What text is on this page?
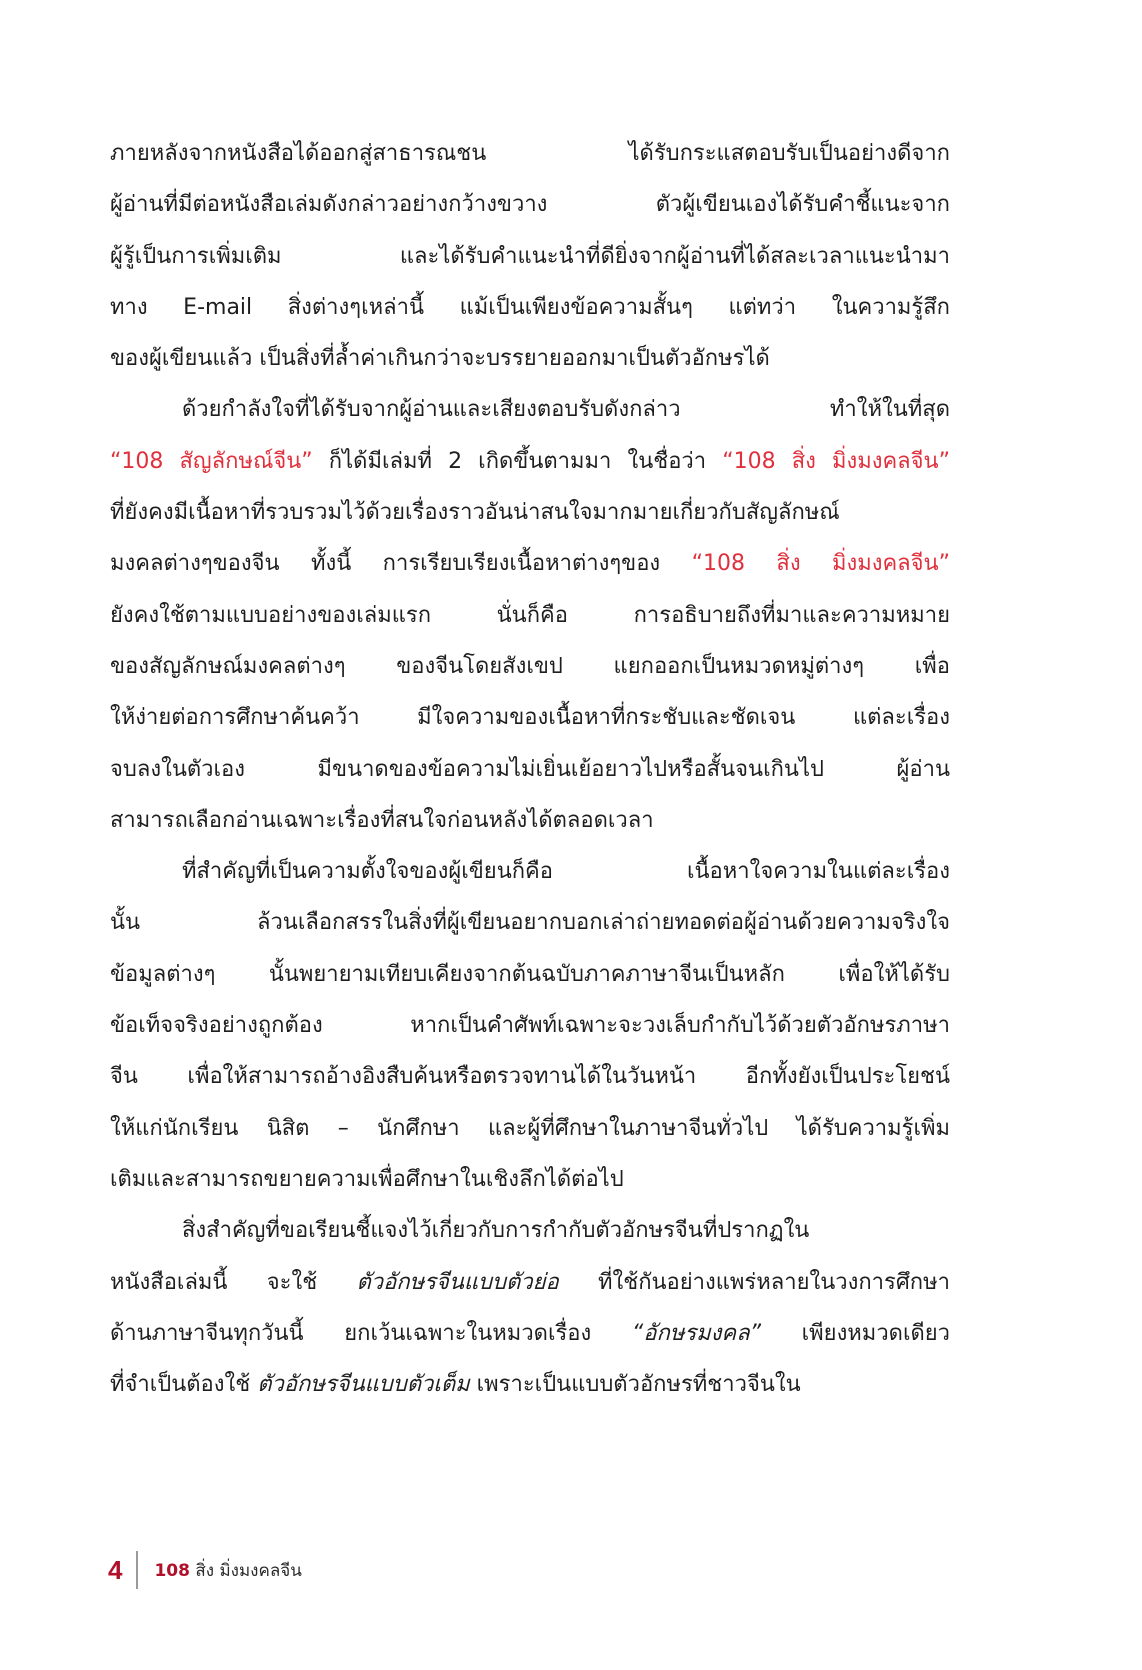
ภายหลังจากหนังสือได้ออกสู่สาธารณชน ได้รับกระแสตอบรับเป็นอย่างดีจาก
ผู้อ่านที่มีต่อหนังสือเล่มดังกล่าวอย่างกว้างขวาง ตัวผู้เขียนเองได้รับคำชี้แนะจาก
ผู้รู้เป็นการเพิ่มเติม และได้รับคำแนะนำที่ดียิ่งจากผู้อ่านที่ได้สละเวลาแนะนำมา
ทาง E-mail สิ่งต่างๆเหล่านี้ แม้เป็นเพียงข้อความสั้นๆ แต่ทว่า ในความรู้สึก
ของผู้เขียนแล้ว เป็นสิ่งที่ล้ำค่าเกินกว่าจะบรรยายออกมาเป็นตัวอักษรได้

ด้วยกำลังใจที่ได้รับจากผู้อ่านและเสียงตอบรับดังกล่าว ทำให้ในที่สุด
“108 สัญลักษณ์จีน” ก็ได้มีเล่มที่ 2 เกิดขึ้นตามมา ในชื่อว่า “108 สิ่ง มิ่งมงคลจีน”
ที่ยังคงมีเนื้อหาที่รวบรวมไว้ด้วยเรื่องราวอันน่าสนใจมากมายเกี่ยวกับสัญลักษณ์
มงคลต่างๆของจีน ทั้งนี้ การเรียบเรียงเนื้อหาต่างๆของ “108 สิ่ง มิ่งมงคลจีน”
ยังคงใช้ตามแบบอย่างของเล่มแรก นั่นก็คือ การอธิบายถึงที่มาและความหมาย
ของสัญลักษณ์มงคลต่างๆ ของจีนโดยสังเขป แยกออกเป็นหมวดหมู่ต่างๆ เพื่อ
ให้ง่ายต่อการศึกษาค้นคว้า มีใจความของเนื้อหาที่กระชับและชัดเจน แต่ละเรื่อง
จบลงในตัวเอง มีขนาดของข้อความไม่เยิ่นเย้อยาวไปหรือสั้นจนเกินไป ผู้อ่าน
สามารถเลือกอ่านเฉพาะเรื่องที่สนใจก่อนหลังได้ตลอดเวลา

ที่สำคัญที่เป็นความตั้งใจของผู้เขียนก็คือ เนื้อหาใจความในแต่ละเรื่อง
นั้น ล้วนเลือกสรรในสิ่งที่ผู้เขียนอยากบอกเล่าถ่ายทอดต่อผู้อ่านด้วยความจริงใจ
ข้อมูลต่างๆ นั้นพยายามเทียบเคียงจากต้นฉบับภาคภาษาจีนเป็นหลัก เพื่อให้ได้รับ
ข้อเท็จจริงอย่างถูกต้อง หากเป็นคำศัพท์เฉพาะจะวงเล็บกำกับไว้ด้วยตัวอักษรภาษา
จีน เพื่อให้สามารถอ้างอิงสืบค้นหรือตรวจทานได้ในวันหน้า อีกทั้งยังเป็นประโยชน์
ให้แก่นักเรียน นิสิต – นักศึกษา และผู้ที่ศึกษาในภาษาจีนทั่วไป ได้รับความรู้เพิ่ม
เติมและสามารถขยายความเพื่อศึกษาในเชิงลึกได้ต่อไป

สิ่งสำคัญที่ขอเรียนชี้แจงไว้เกี่ยวกับการกำกับตัวอักษรจีนที่ปรากฏใน
หนังสือเล่มนี้ จะใช้ ตัวอักษรจีนแบบตัวย่อ ที่ใช้กันอย่างแพร่หลายในวงการศึกษา
ด้านภาษาจีนทุกวันนี้ ยกเว้นเฉพาะในหมวดเรื่อง “อักษรมงคล” เพียงหมวดเดียว
ที่จำเป็นต้องใช้ ตัวอักษรจีนแบบตัวเต็ม เพราะเป็นแบบตัวอักษรที่ชาวจีนใน

4 108 สิ่ง มิ่งมงคลจีน
